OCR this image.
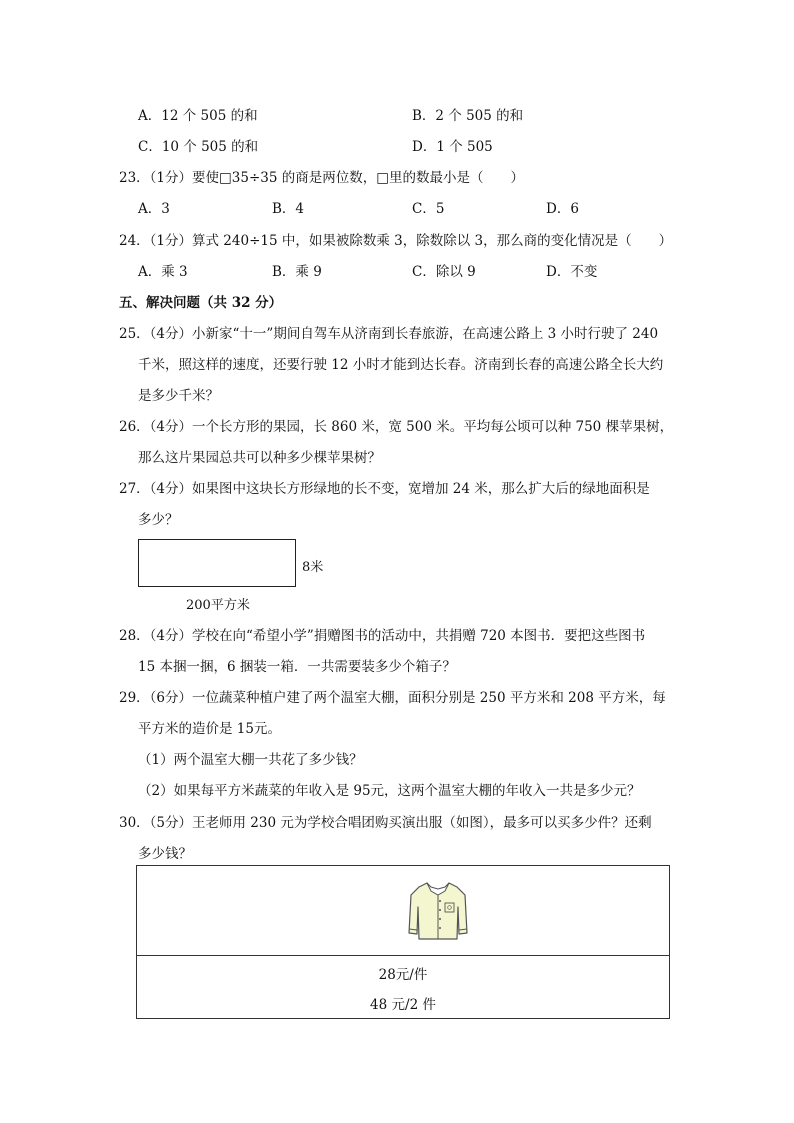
A．12 个 505 的和	B．2 个 505 的和
C．10 个 505 的和	D．1 个 505
23．（1分）要使□35÷35 的商是两位数，□里的数最小是（　　）
A．3	B．4	C．5	D．6
24．（1分）算式 240÷15 中，如果被除数乘 3，除数除以 3，那么商的变化情况是（　　）
A．乘 3	B．乘 9	C．除以 9	D．不变
五、解决问题（共 32 分）
25．（4分）小新家“十一”期间自驾车从济南到长春旅游，在高速公路上 3 小时行驶了 240
千米，照这样的速度，还要行驶 12 小时才能到达长春。济南到长春的高速公路全长大约
是多少千米？
26．（4分）一个长方形的果园，长 860 米，宽 500 米。平均每公顷可以种 750 棵苹果树，
那么这片果园总共可以种多少棵苹果树？
27．（4分）如果图中这块长方形绿地的长不变，宽增加 24 米，那么扩大后的绿地面积是
多少？
8米
200平方米
28．（4分）学校在向“希望小学”捐赠图书的活动中，共捐赠 720 本图书．要把这些图书
15 本捆一捆，6 捆装一箱．一共需要装多少个箱子？
29．（6分）一位蔬菜种植户建了两个温室大棚，面积分别是 250 平方米和 208 平方米，每
平方米的造价是 15元。
（1）两个温室大棚一共花了多少钱？
（2）如果每平方米蔬菜的年收入是 95元，这两个温室大棚的年收入一共是多少元？
30．（5分）王老师用 230 元为学校合唱团购买演出服（如图），最多可以买多少件？还剩
多少钱？
28元/件
48 元/2 件
